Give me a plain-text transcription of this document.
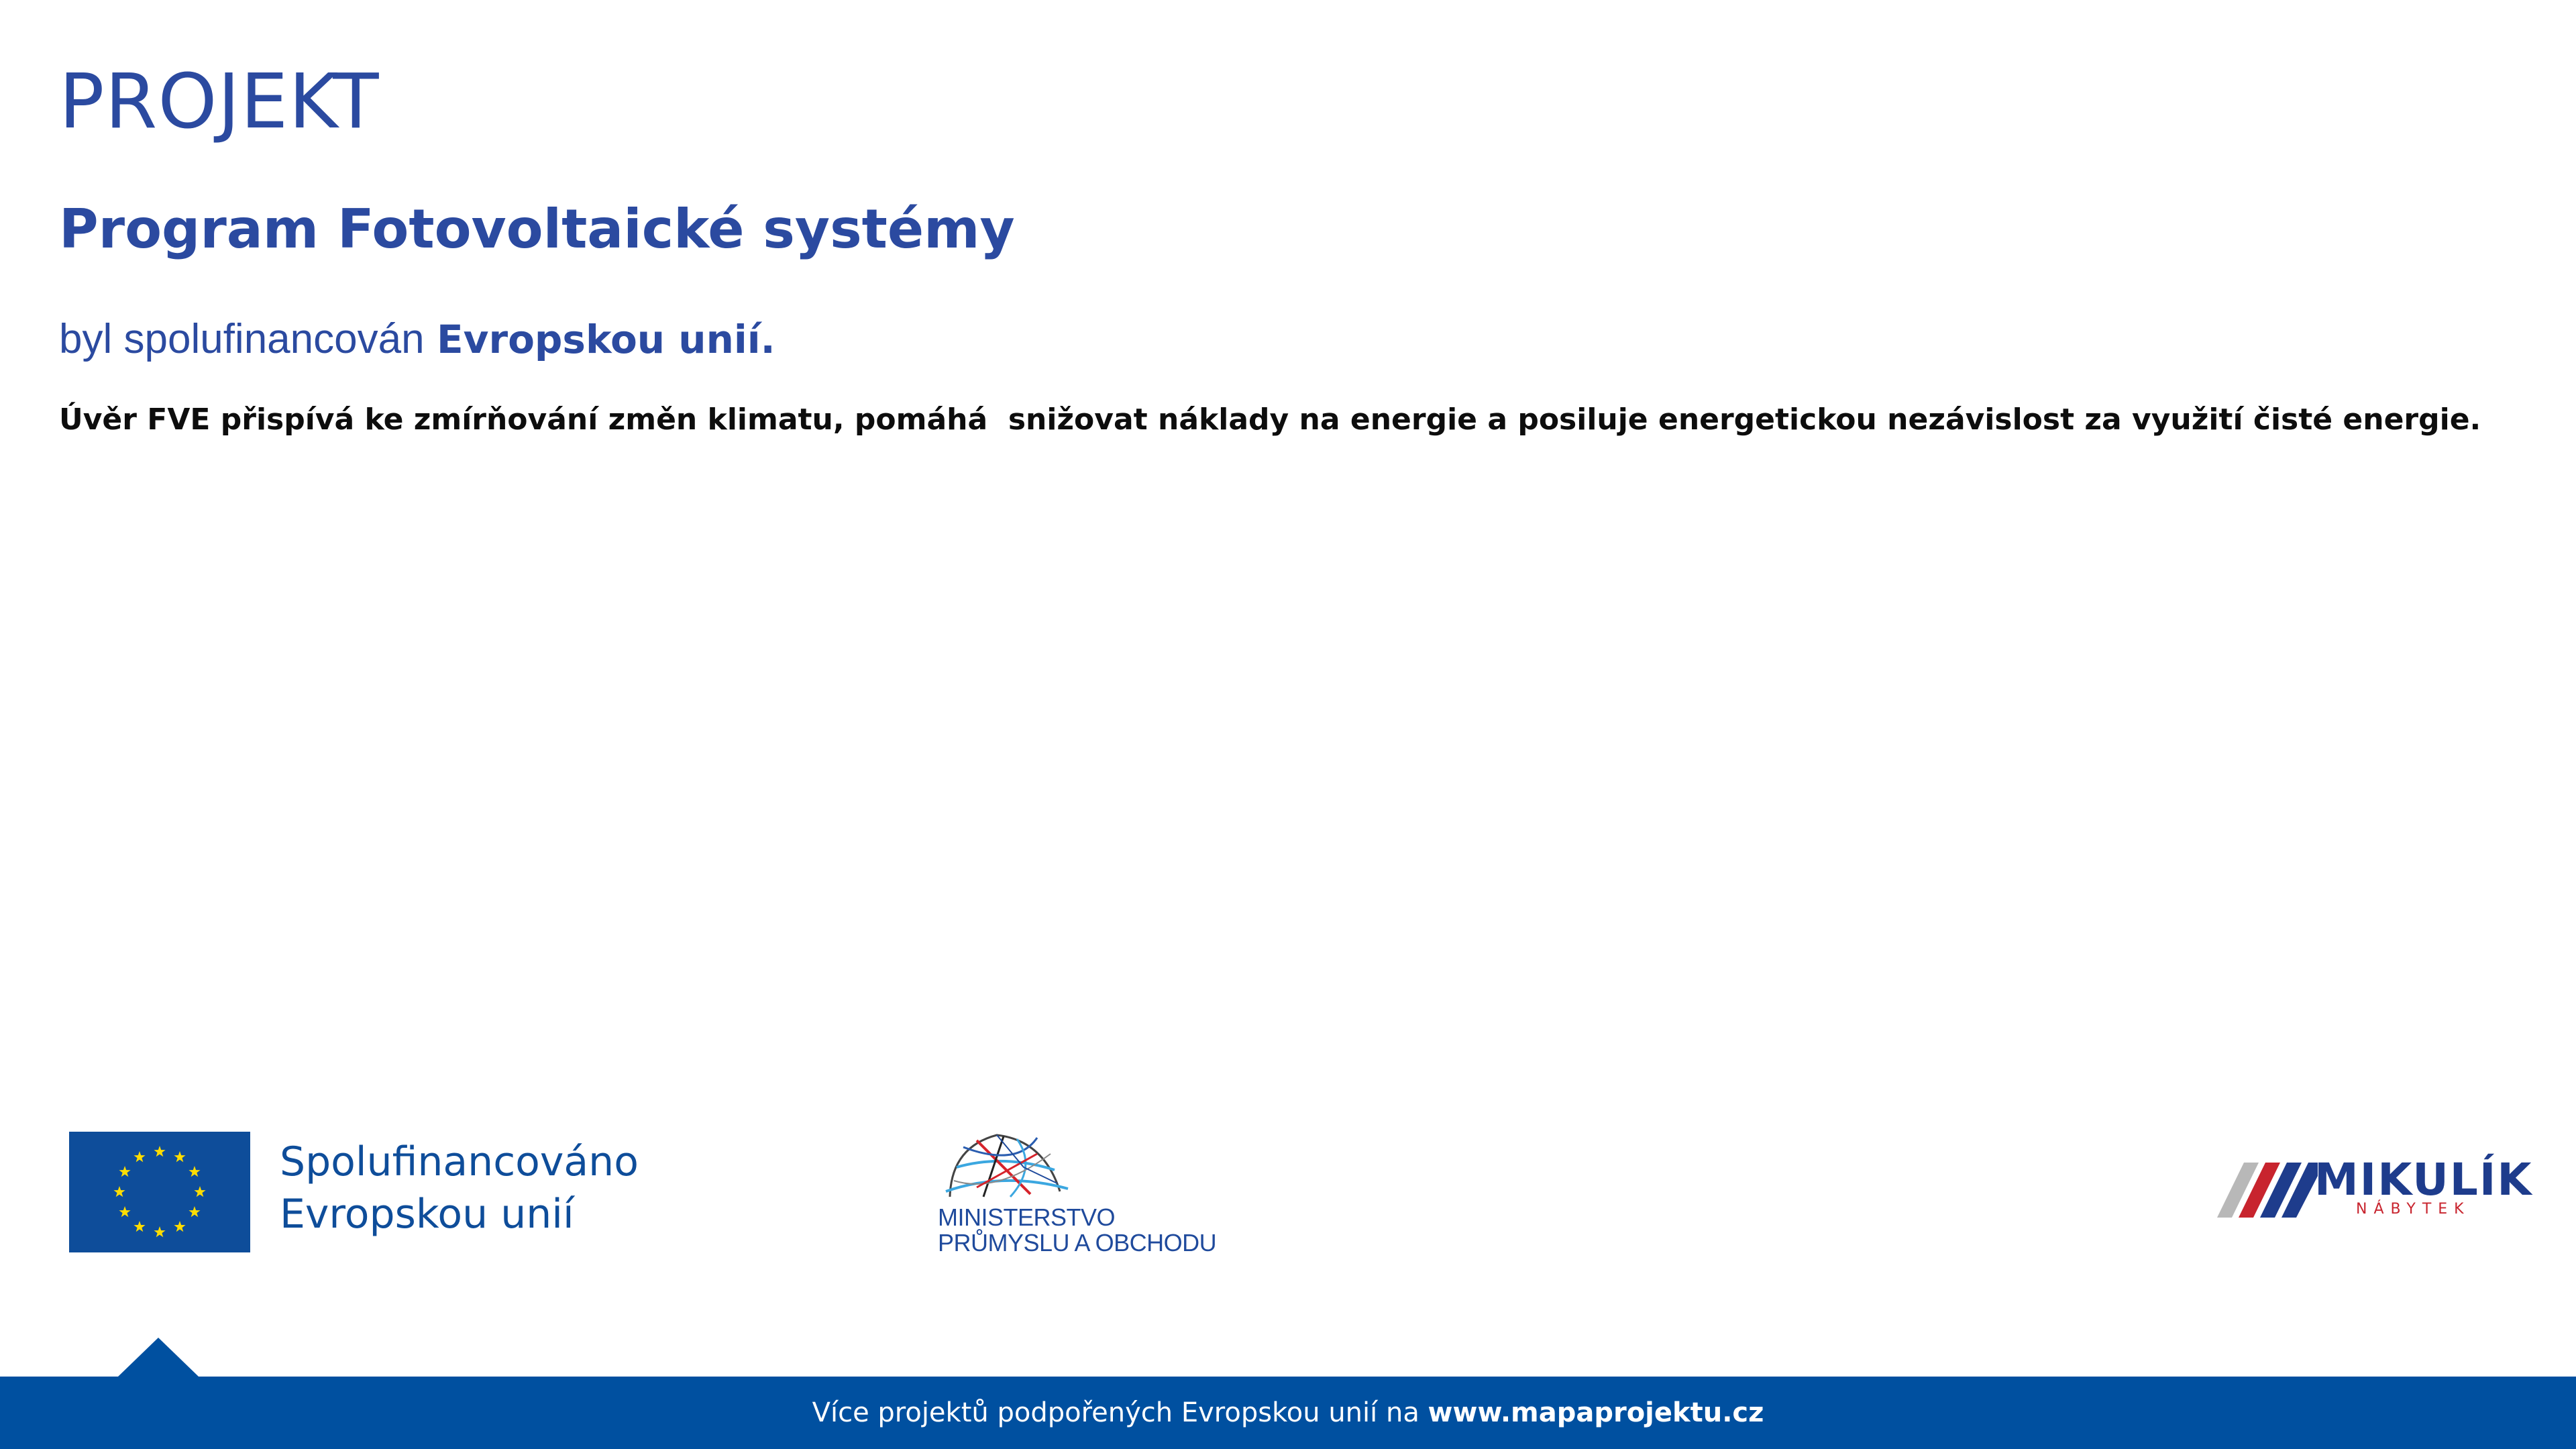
PROJEKT
Program Fotovoltaické systémy
byl spolufinancován Evropskou unií.

Úvěr FVE přispívá ke zmírňování změn klimatu, pomáhá  snižovat náklady na energie a posiluje energetickou nezávislost za využití čisté energie.

Spolufinancováno
Evropskou unií	MINISTERSTVO
PRŮMYSLU A OBCHODU
MIKULÍK
NÁBYTEK
Více projektů podpořených Evropskou unií na www.mapaprojektu.cz
